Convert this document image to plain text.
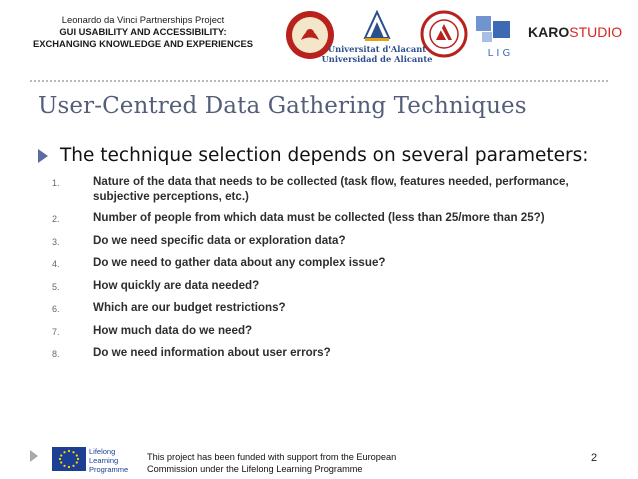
Leonardo da Vinci Partnerships Project
GUI USABILITY AND ACCESSIBILITY:
EXCHANGING KNOWLEDGE AND EXPERIENCES	Universitat d'Alacant
Universidad de Alicante	L I G
KAROSTUDIO
User-Centred Data Gathering Techniques
The technique selection depends on several parameters:
1.	Nature of the data that needs to be collected (task flow, features needed, performance, subjective perceptions, etc.)
2.	Number of people from which data must be collected (less than 25/more than 25?)
3.	Do we need specific data or exploration data?
4.	Do we need to gather data about any complex issue?
5.	How quickly are data needed?
6.	Which are our budget restrictions?
7.	How much data do we need?
8.	Do we need information about user errors?
Lifelong
Learning
Programme
This project has been funded with support from the European
Commission under the Lifelong Learning Programme
2
